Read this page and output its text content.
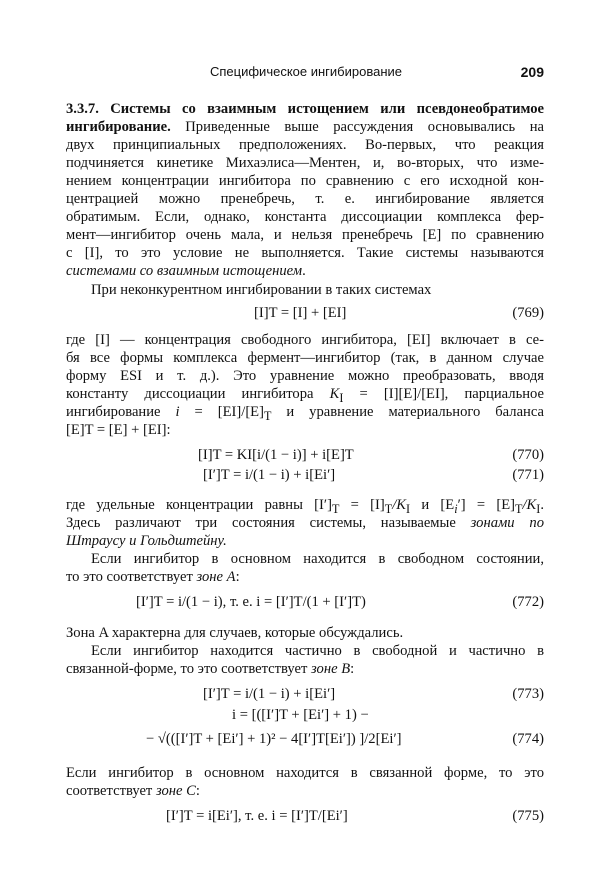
Специфическое ингибирование	209
3.3.7. Системы со взаимным истощением или псевдонеобратимое
ингибирование. Приведенные выше рассуждения основывались на
двух принципиальных предположениях. Во-первых, что реакция
подчиняется кинетике Михаэлиса—Ментен, и, во-вторых, что изме-
нением концентрации ингибитора по сравнению с его исходной кон-
центрацией можно пренебречь, т. е. ингибирование является
обратимым. Если, однако, константа диссоциации комплекса фер-
мент—ингибитор очень мала, и нельзя пренебречь [E] по сравнению
с [I], то это условие не выполняется. Такие системы называются
системами со взаимным истощением.
При неконкурентном ингибировании в таких системах
[I]T = [I] + [EI]	(769)
где [I] — концентрация свободного ингибитора, [EI] включает в се-
бя все формы комплекса фермент—ингибитор (так, в данном случае
форму ESI и т. д.). Это уравнение можно преобразовать, вводя
константу диссоциации ингибитора $K_I = [I][E]/[EI]$, парциальное
ингибирование $i = [EI]/[E]_T$ и уравнение материального баланса
[E]T = [E] + [EI]:
[I]T = KI[i/(1 − i)] + i[E]T	(770)
[I′]T = i/(1 − i) + i[Ei′]	(771)
где удельные концентрации равны $[I']_T = [I]_T/K_I$ и $[E_i'] = [E]_T/K_I$.
Здесь различают три состояния системы, называемые зонами по
Штраусу и Гольдштейну.
Если ингибитор в основном находится в свободном состоянии,
то это соответствует зоне A:
[I′]T = i/(1 − i), т. е. i = [I′]T/(1 + [I′]T)	(772)
Зона A характерна для случаев, которые обсуждались.
Если ингибитор находится частично в свободной и частично в
связанной-форме, то это соответствует зоне B:
[I′]T = i/(1 − i) + i[Ei′]	(773)
i = [([I′]T + [Ei′] + 1) −
− √(([I′]T + [Ei′] + 1)² − 4[I′]T[Ei′]) ]/2[Ei′]	(774)
Если ингибитор в основном находится в связанной форме, то это
соответствует зоне C:
[I′]T = i[Ei′], т. е. i = [I′]T/[Ei′]	(775)
